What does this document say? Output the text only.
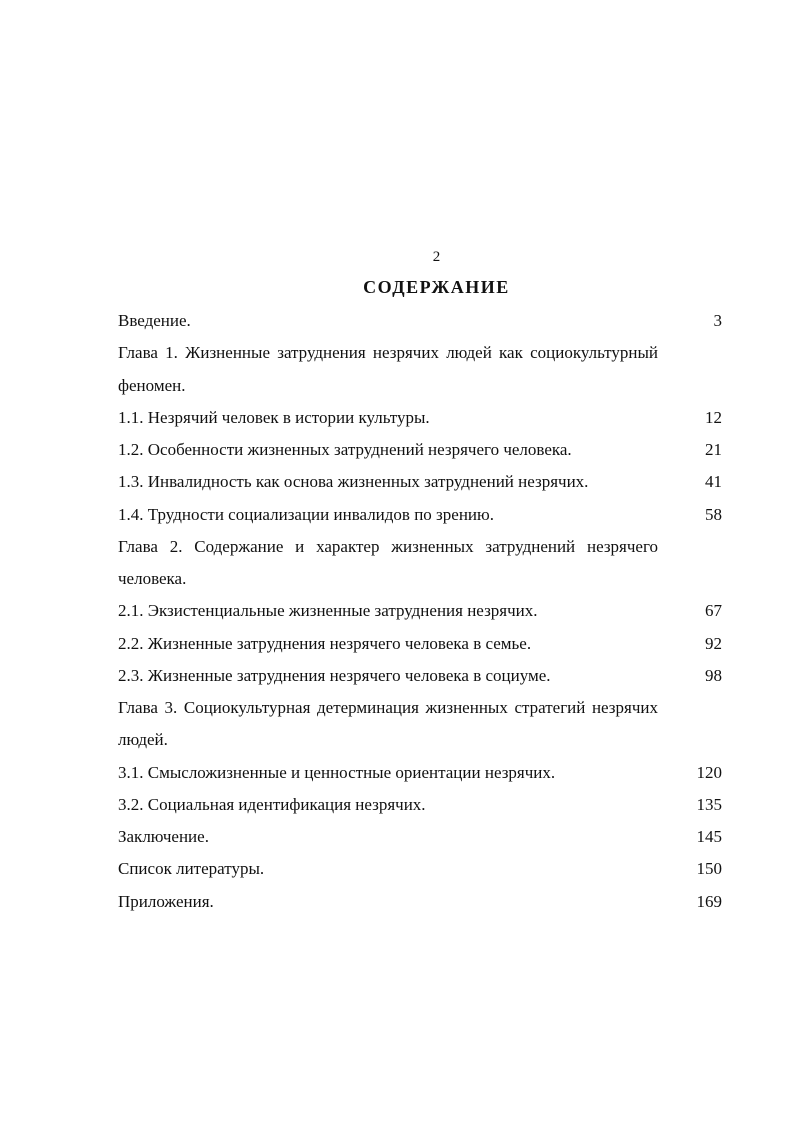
2
СОДЕРЖАНИЕ
Введение.	3
Глава 1. Жизненные затруднения незрячих людей как социокультурный феномен.
1.1. Незрячий человек в истории культуры.	12
1.2. Особенности жизненных затруднений незрячего человека.	21
1.3. Инвалидность как основа жизненных затруднений незрячих.	41
1.4. Трудности социализации инвалидов по зрению.	58
Глава 2. Содержание и характер жизненных затруднений незрячего человека.
2.1. Экзистенциальные жизненные затруднения незрячих.	67
2.2. Жизненные затруднения незрячего человека в семье.	92
2.3. Жизненные затруднения незрячего человека в социуме.	98
Глава 3. Социокультурная детерминация жизненных стратегий незрячих людей.
3.1. Смысложизненные и ценностные ориентации незрячих.	120
3.2. Социальная идентификация незрячих.	135
Заключение.	145
Список литературы.	150
Приложения.	169
